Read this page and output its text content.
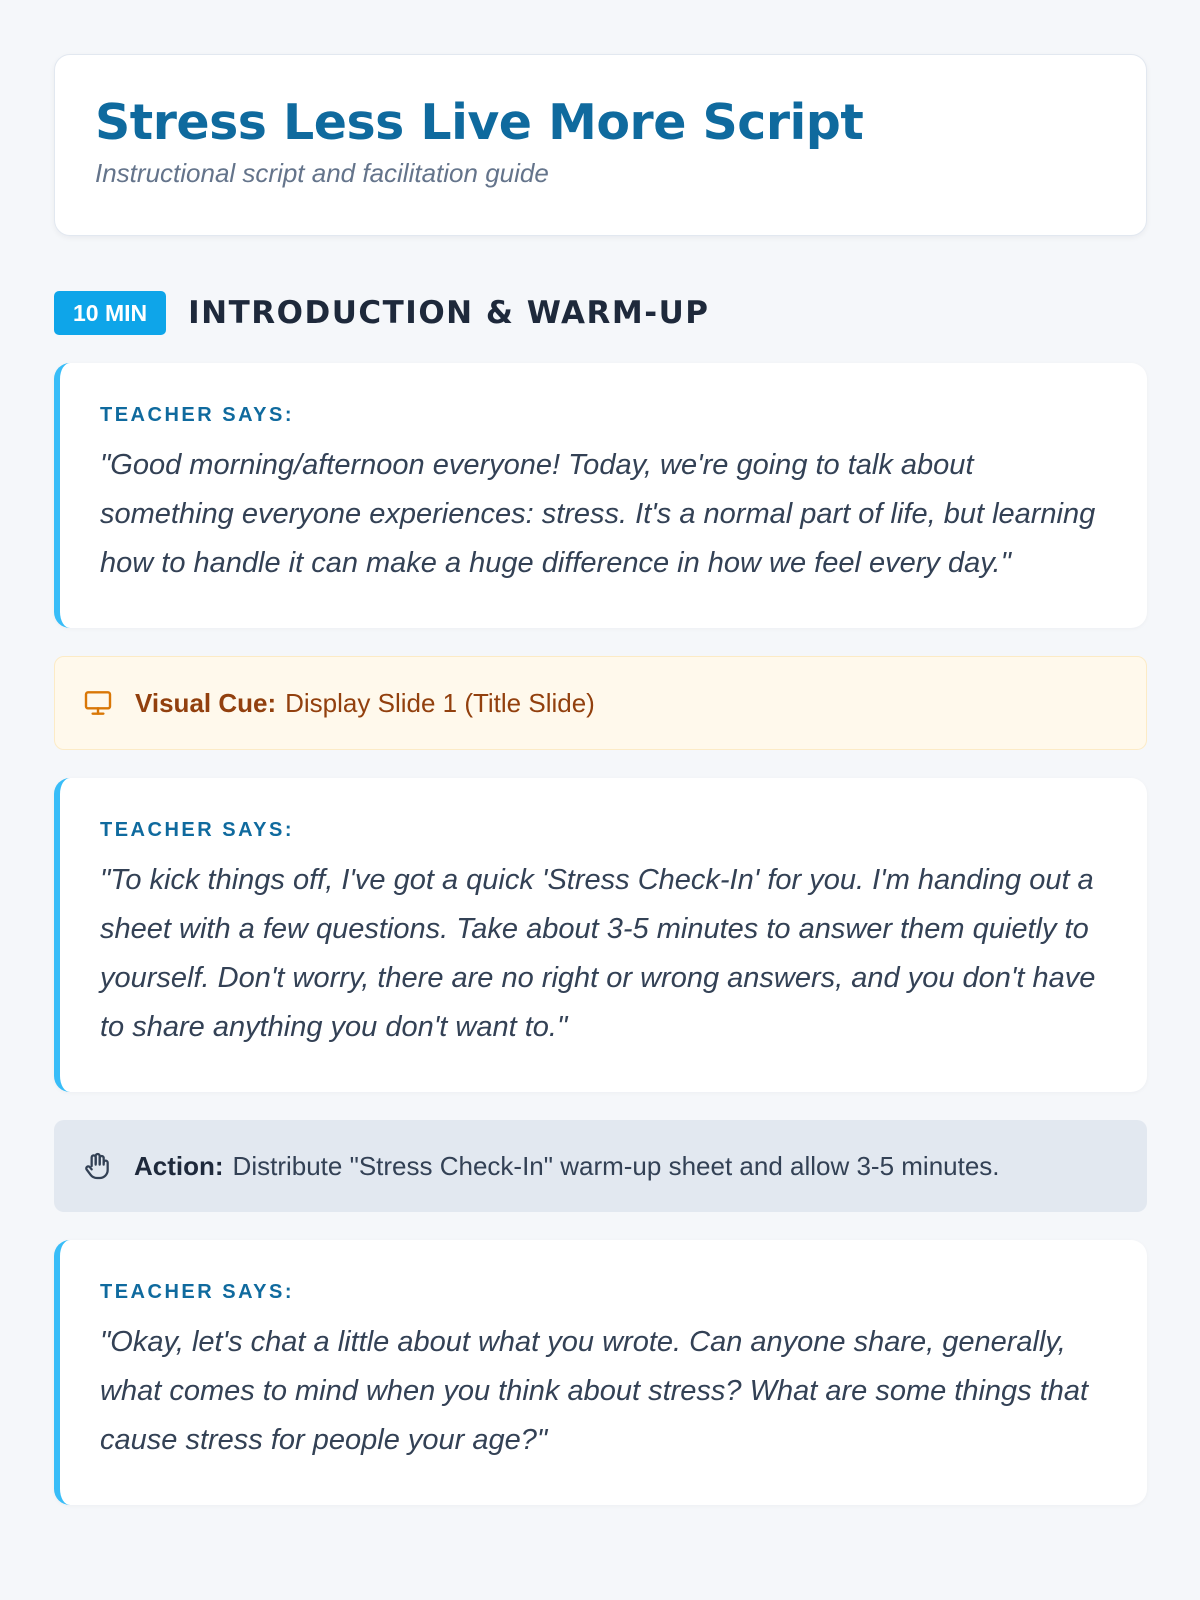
Stress Less Live More Script
Instructional script and facilitation guide
10 MIN	INTRODUCTION & WARM-UP
TEACHER SAYS:

"Good morning/afternoon everyone! Today, we're going to talk about something everyone experiences: stress. It's a normal part of life, but learning how to handle it can make a huge difference in how we feel every day."

Visual Cue: Display Slide 1 (Title Slide)
TEACHER SAYS:

"To kick things off, I've got a quick 'Stress Check-In' for you. I'm handing out a sheet with a few questions. Take about 3-5 minutes to answer them quietly to yourself. Don't worry, there are no right or wrong answers, and you don't have to share anything you don't want to."

Action: Distribute "Stress Check-In" warm-up sheet and allow 3-5 minutes.
TEACHER SAYS:

"Okay, let's chat a little about what you wrote. Can anyone share, generally, what comes to mind when you think about stress? What are some things that cause stress for people your age?"
